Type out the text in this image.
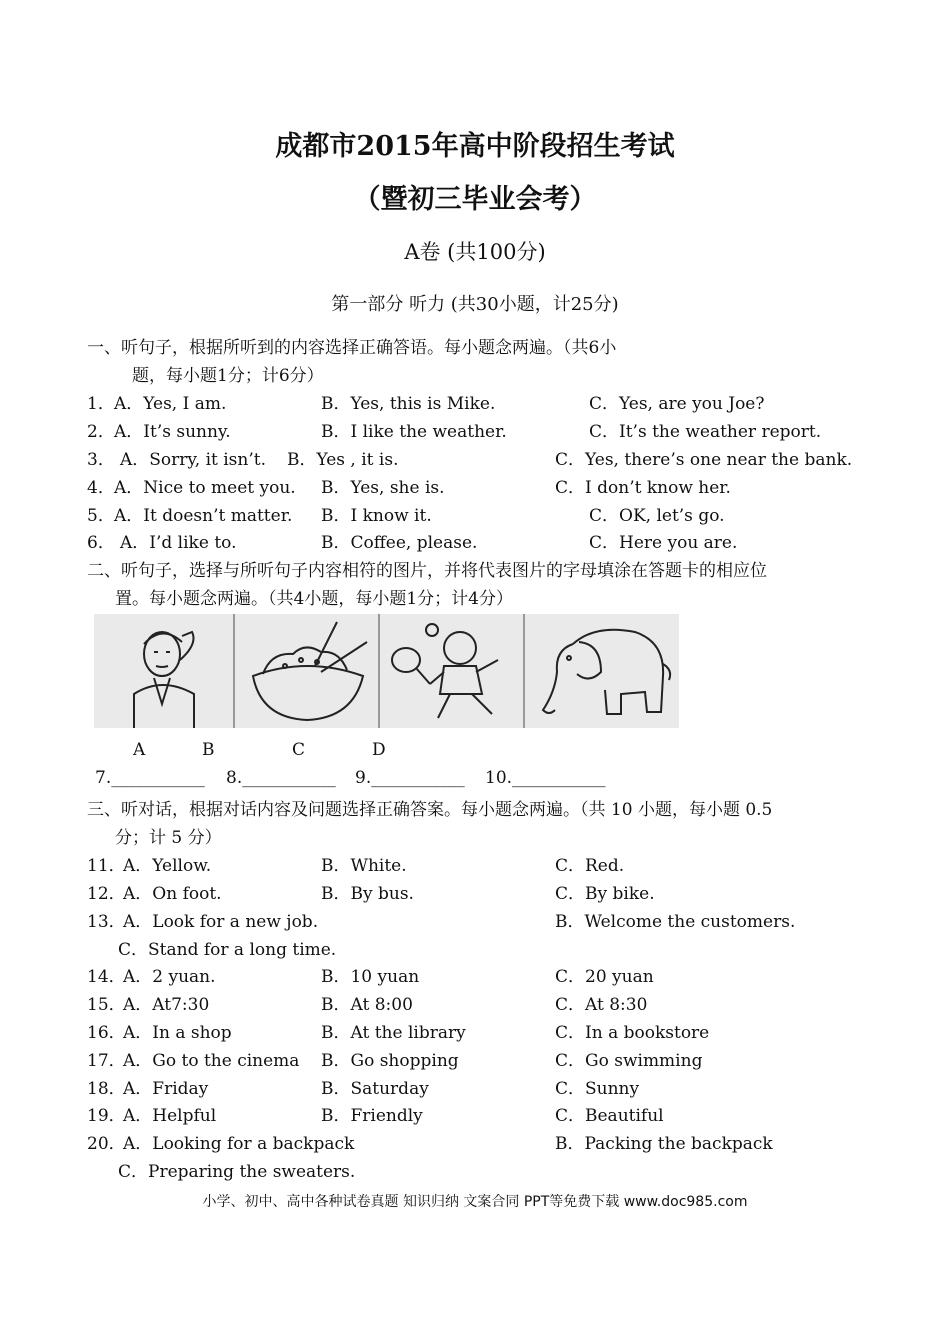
成都市2015年高中阶段招生考试
（暨初三毕业会考）
A卷 (共100分)
第一部分 听力 (共30小题，计25分)
一、听句子，根据所听到的内容选择正确答语。每小题念两遍。（共6小
题，每小题1分；计6分）
1． A．Yes, I am.	B．Yes, this is Mike.	C．Yes, are you Joe?
2． A．It’s sunny.	B．I like the weather.	C．It’s the weather report.
3． A．Sorry, it isn’t. B．Yes , it is.	C．Yes, there’s one near the bank.
4． A．Nice to meet you. B．Yes, she is.	C．I don’t know her.
5． A．It doesn’t matter. B．I know it.	C．OK, let’s go.
6． A．I’d like to.	B．Coffee, please.	C．Here you are.
二、听句子，选择与所听句子内容相符的图片，并将代表图片的字母填涂在答题卡的相应位
置。每小题念两遍。（共4小题，每小题1分；计4分）
A	B	C	D
7.___________ 8.___________ 9.___________ 10.___________
三、听对话，根据对话内容及问题选择正确答案。每小题念两遍。（共 10 小题，每小题 0.5
分；计 5 分）
11．
A．Yellow.	B．White.	C．Red.
12．
A．On foot.	B．By bus.	C．By bike.
13．
A．Look for a new job.	B．Welcome the customers.
C．Stand for a long time.
14．
A．2 yuan.	B．10 yuan	C．20 yuan
15．
A．At7:30	B．At 8:00	C．At 8:30
16．
A．In a shop	B．At the library	C．In a bookstore
17．
A．Go to the cinema B．Go shopping	C．Go swimming
18．
A．Friday	B．Saturday	C．Sunny
19．
A．Helpful	B．Friendly	C．Beautiful
20．
A．Looking for a backpack	B．Packing the backpack
C．Preparing the sweaters.
小学、初中、高中各种试卷真题 知识归纳 文案合同 PPT等免费下载 www.doc985.com
